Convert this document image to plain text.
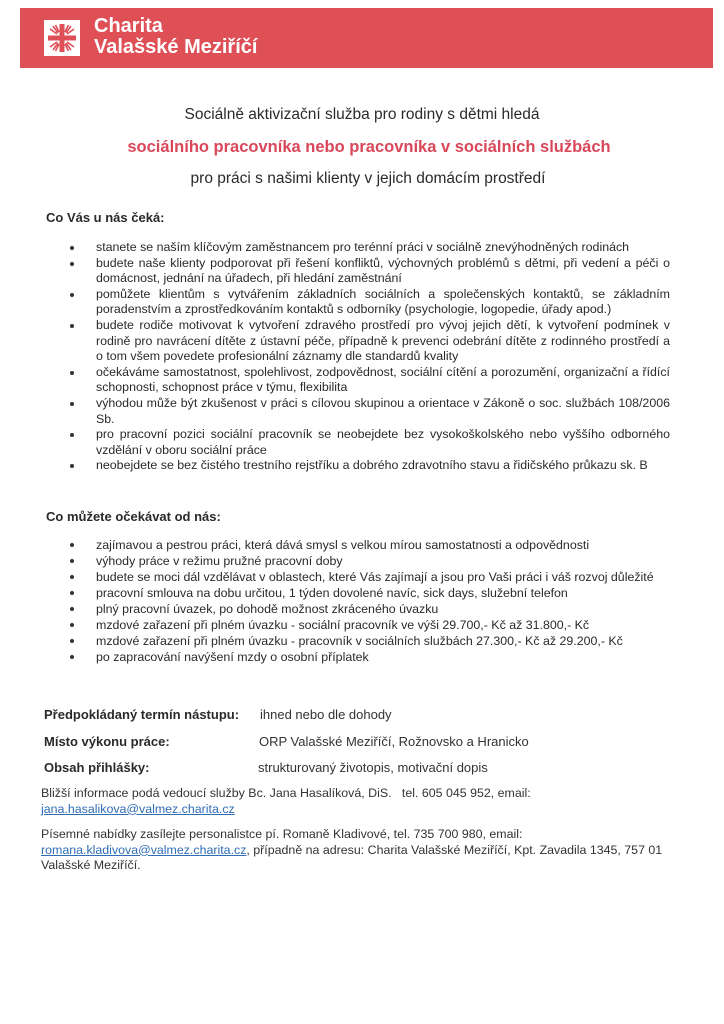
Charita
Valašské Meziříčí
Sociálně aktivizační služba pro rodiny s dětmi hledá
sociálního pracovníka nebo pracovníka v sociálních službách
pro práci s našimi klienty v jejich domácím prostředí
Co Vás u nás čeká:
stanete se naším klíčovým zaměstnancem pro terénní práci v sociálně znevýhodněných rodinách
budete naše klienty podporovat při řešení konfliktů, výchovných problémů s dětmi, při vedení a péči o domácnost, jednání na úřadech, při hledání zaměstnání
pomůžete klientům s vytvářením základních sociálních a společenských kontaktů, se základním poradenstvím a zprostředkováním kontaktů s odborníky (psychologie, logopedie, úřady apod.)
budete rodiče motivovat k vytvoření zdravého prostředí pro vývoj jejich dětí, k vytvoření podmínek v rodině pro navrácení dítěte z ústavní péče, případně k prevenci odebrání dítěte z rodinného prostředí a o tom všem povedete profesionální záznamy dle standardů kvality
očekáváme samostatnost, spolehlivost, zodpovědnost, sociální cítění a porozumění, organizační a řídící schopnosti, schopnost práce v týmu, flexibilita
výhodou může být zkušenost v práci s cílovou skupinou a orientace v Zákoně o soc. službách 108/2006 Sb.
pro pracovní pozici sociální pracovník se neobejdete bez vysokoškolského nebo vyššího odborného vzdělání v oboru sociální práce
neobejdete se bez čistého trestního rejstříku a dobrého zdravotního stavu a řidičského průkazu sk. B
Co můžete očekávat od nás:
zajímavou a pestrou práci, která dává smysl s velkou mírou samostatnosti a odpovědnosti
výhody práce v režimu pružné pracovní doby
budete se moci dál vzdělávat v oblastech, které Vás zajímají a jsou pro Vaši práci i váš rozvoj důležité
pracovní smlouva na dobu určitou, 1 týden dovolené navíc, sick days, služební telefon
plný pracovní úvazek, po dohodě možnost zkráceného úvazku
mzdové zařazení při plném úvazku - sociální pracovník ve výši 29.700,- Kč až 31.800,- Kč
mzdové zařazení při plném úvazku - pracovník v sociálních službách 27.300,- Kč až 29.200,- Kč
po zapracování navýšení mzdy o osobní příplatek
Předpokládaný termín nástupu: ihned nebo dle dohody
Místo výkonu práce:	ORP Valašské Meziříčí, Rožnovsko a Hranicko
Obsah přihlášky:	strukturovaný životopis, motivační dopis
Bližší informace podá vedoucí služby Bc. Jana Hasalíková, DiS.   tel. 605 045 952, email:
jana.hasalikova@valmez.charita.cz
Písemné nabídky zasílejte personalistce pí. Romaně Kladivové, tel. 735 700 980, email:
romana.kladivova@valmez.charita.cz, případně na adresu: Charita Valašské Meziříčí, Kpt. Zavadila 1345, 757 01 Valašské Meziříčí.
